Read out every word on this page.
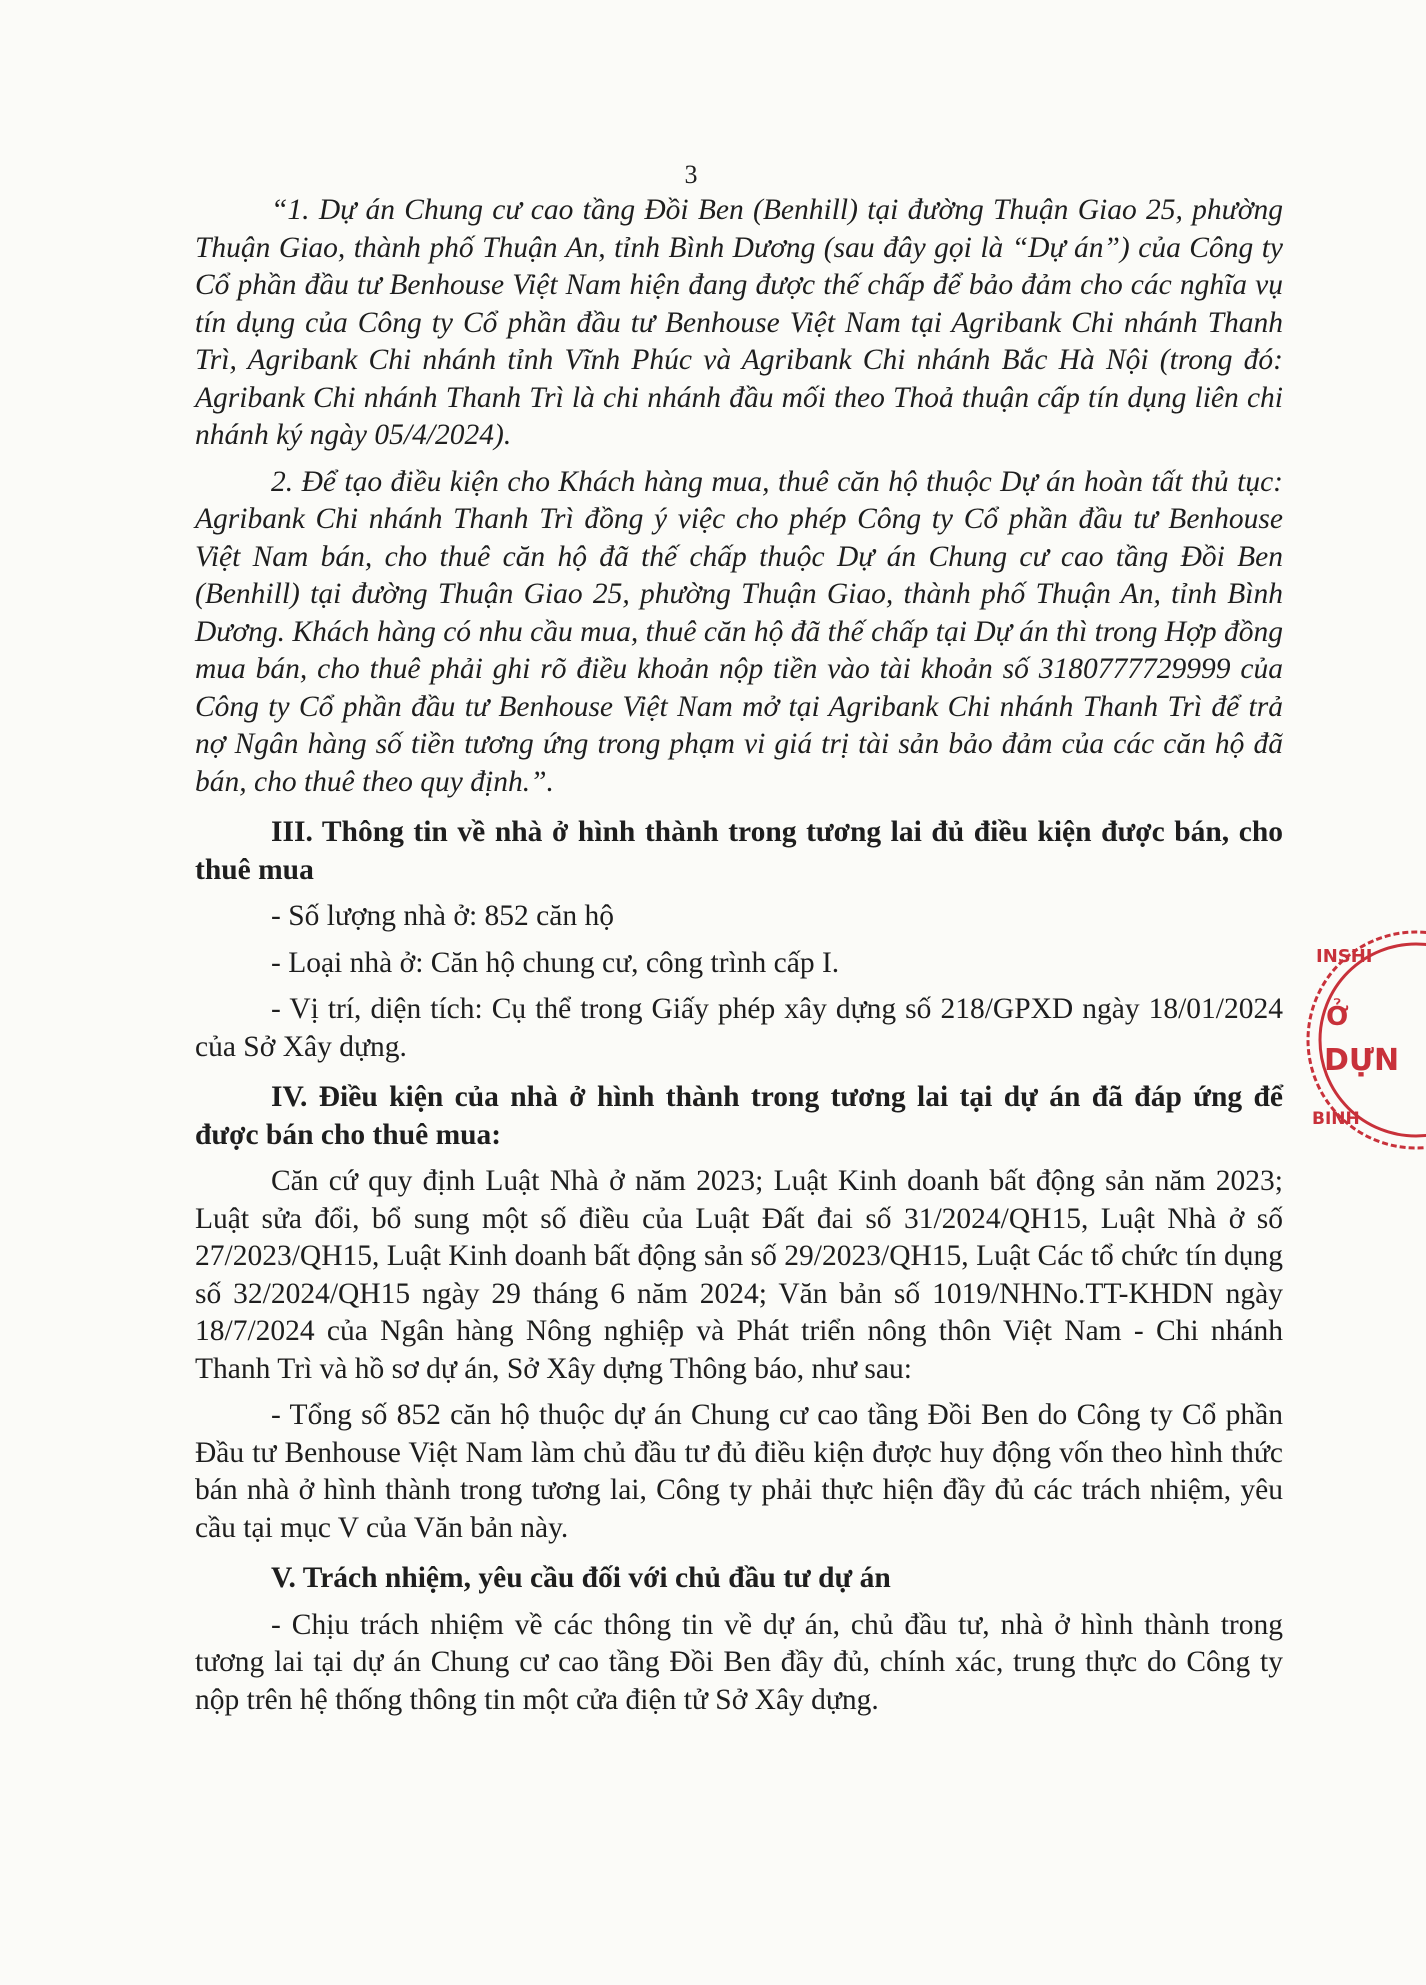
3

“1. Dự án Chung cư cao tầng Đồi Ben (Benhill) tại đường Thuận Giao 25, phường Thuận Giao, thành phố Thuận An, tỉnh Bình Dương (sau đây gọi là “Dự án”) của Công ty Cổ phần đầu tư Benhouse Việt Nam hiện đang được thế chấp để bảo đảm cho các nghĩa vụ tín dụng của Công ty Cổ phần đầu tư Benhouse Việt Nam tại Agribank Chi nhánh Thanh Trì, Agribank Chi nhánh tỉnh Vĩnh Phúc và Agribank Chi nhánh Bắc Hà Nội (trong đó: Agribank Chi nhánh Thanh Trì là chi nhánh đầu mối theo Thoả thuận cấp tín dụng liên chi nhánh ký ngày 05/4/2024).

2. Để tạo điều kiện cho Khách hàng mua, thuê căn hộ thuộc Dự án hoàn tất thủ tục: Agribank Chi nhánh Thanh Trì đồng ý việc cho phép Công ty Cổ phần đầu tư Benhouse Việt Nam bán, cho thuê căn hộ đã thế chấp thuộc Dự án Chung cư cao tầng Đồi Ben (Benhill) tại đường Thuận Giao 25, phường Thuận Giao, thành phố Thuận An, tỉnh Bình Dương. Khách hàng có nhu cầu mua, thuê căn hộ đã thế chấp tại Dự án thì trong Hợp đồng mua bán, cho thuê phải ghi rõ điều khoản nộp tiền vào tài khoản số 3180777729999 của Công ty Cổ phần đầu tư Benhouse Việt Nam mở tại Agribank Chi nhánh Thanh Trì để trả nợ Ngân hàng số tiền tương ứng trong phạm vi giá trị tài sản bảo đảm của các căn hộ đã bán, cho thuê theo quy định.”.

III. Thông tin về nhà ở hình thành trong tương lai đủ điều kiện được bán, cho thuê mua

- Số lượng nhà ở: 852 căn hộ

- Loại nhà ở: Căn hộ chung cư, công trình cấp I.

- Vị trí, diện tích: Cụ thể trong Giấy phép xây dựng số 218/GPXD ngày 18/01/2024 của Sở Xây dựng.

IV. Điều kiện của nhà ở hình thành trong tương lai tại dự án đã đáp ứng để được bán cho thuê mua:

Căn cứ quy định Luật Nhà ở năm 2023; Luật Kinh doanh bất động sản năm 2023; Luật sửa đổi, bổ sung một số điều của Luật Đất đai số 31/2024/QH15, Luật Nhà ở số 27/2023/QH15, Luật Kinh doanh bất động sản số 29/2023/QH15, Luật Các tổ chức tín dụng số 32/2024/QH15 ngày 29 tháng 6 năm 2024; Văn bản số 1019/NHNo.TT-KHDN ngày 18/7/2024 của Ngân hàng Nông nghiệp và Phát triển nông thôn Việt Nam - Chi nhánh Thanh Trì và hồ sơ dự án, Sở Xây dựng Thông báo, như sau:

- Tổng số 852 căn hộ thuộc dự án Chung cư cao tầng Đồi Ben do Công ty Cổ phần Đầu tư Benhouse Việt Nam làm chủ đầu tư đủ điều kiện được huy động vốn theo hình thức bán nhà ở hình thành trong tương lai, Công ty phải thực hiện đầy đủ các trách nhiệm, yêu cầu tại mục V của Văn bản này.

V. Trách nhiệm, yêu cầu đối với chủ đầu tư dự án

- Chịu trách nhiệm về các thông tin về dự án, chủ đầu tư, nhà ở hình thành trong tương lai tại dự án Chung cư cao tầng Đồi Ben đầy đủ, chính xác, trung thực do Công ty nộp trên hệ thống thông tin một cửa điện tử Sở Xây dựng.

INSHI
Ở
DỰN
BINH
